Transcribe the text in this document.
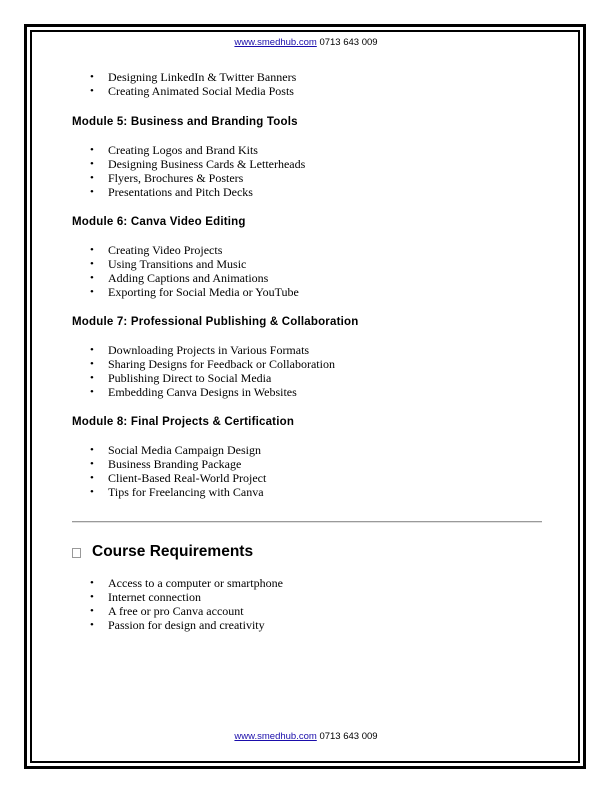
www.smedhub.com 0713 643 009
• Designing LinkedIn & Twitter Banners
• Creating Animated Social Media Posts
Module 5: Business and Branding Tools
• Creating Logos and Brand Kits
• Designing Business Cards & Letterheads
• Flyers, Brochures & Posters
• Presentations and Pitch Decks
Module 6: Canva Video Editing
• Creating Video Projects
• Using Transitions and Music
• Adding Captions and Animations
• Exporting for Social Media or YouTube
Module 7: Professional Publishing & Collaboration
• Downloading Projects in Various Formats
• Sharing Designs for Feedback or Collaboration
• Publishing Direct to Social Media
• Embedding Canva Designs in Websites
Module 8: Final Projects & Certification
• Social Media Campaign Design
• Business Branding Package
• Client-Based Real-World Project
• Tips for Freelancing with Canva
Course Requirements
• Access to a computer or smartphone
• Internet connection
• A free or pro Canva account
• Passion for design and creativity
www.smedhub.com 0713 643 009
